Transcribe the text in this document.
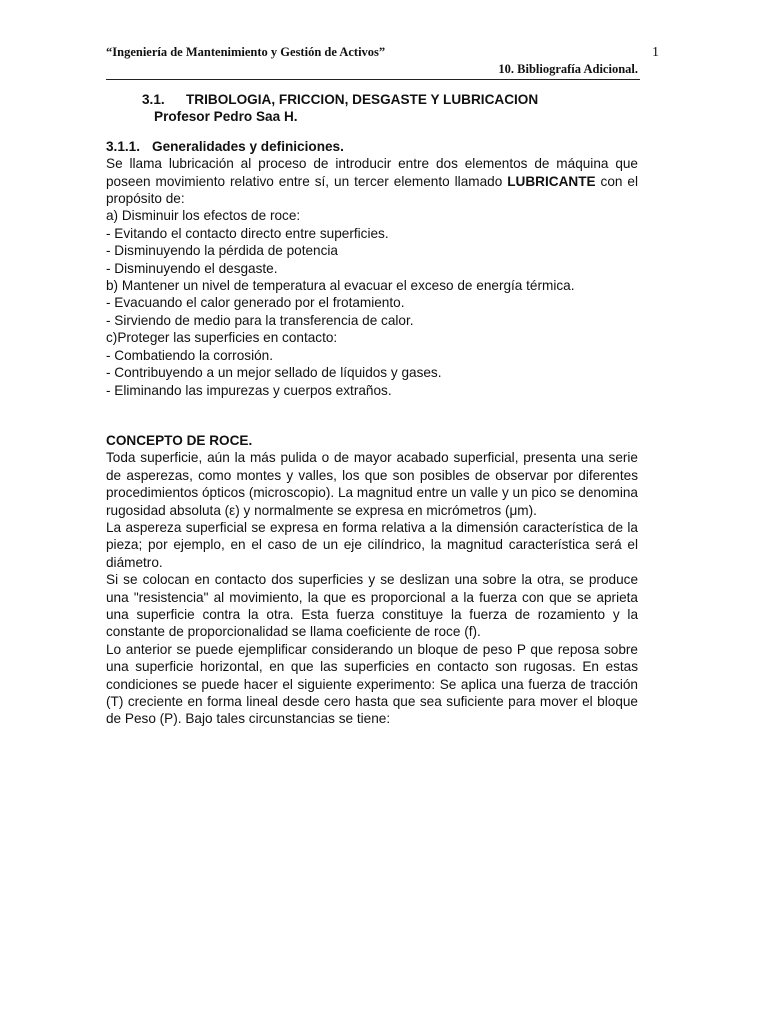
“Ingeniería de Mantenimiento y Gestión de Activos”	1
10. Bibliografía Adicional.
3.1. TRIBOLOGIA, FRICCION, DESGASTE Y LUBRICACION
Profesor Pedro Saa H.
3.1.1. Generalidades y definiciones.

Se llama lubricación al proceso de introducir entre dos elementos de máquina que poseen movimiento relativo entre sí, un tercer elemento llamado LUBRICANTE con el propósito de:

a) Disminuir los efectos de roce:
- Evitando el contacto directo entre superficies.
- Disminuyendo la pérdida de potencia
- Disminuyendo el desgaste.
b) Mantener un nivel de temperatura al evacuar el exceso de energía térmica.
- Evacuando el calor generado por el frotamiento.
- Sirviendo de medio para la transferencia de calor.
c)Proteger las superficies en contacto:
- Combatiendo la corrosión.
- Contribuyendo a un mejor sellado de líquidos y gases.
- Eliminando las impurezas y cuerpos extraños.
CONCEPTO DE ROCE.

Toda superficie, aún la más pulida o de mayor acabado superficial, presenta una serie de asperezas, como montes y valles, los que son posibles de observar por diferentes procedimientos ópticos (microscopio). La magnitud entre un valle y un pico se denomina rugosidad absoluta (ε) y normalmente se expresa en micrómetros (μm).

La aspereza superficial se expresa en forma relativa a la dimensión característica de la pieza; por ejemplo, en el caso de un eje cilíndrico, la magnitud característica será el diámetro.

Si se colocan en contacto dos superficies y se deslizan una sobre la otra, se produce una "resistencia" al movimiento, la que es proporcional a la fuerza con que se aprieta una superficie contra la otra. Esta fuerza constituye la fuerza de rozamiento y la constante de proporcionalidad se llama coeficiente de roce (f).

Lo anterior se puede ejemplificar considerando un bloque de peso P que reposa sobre una superficie horizontal, en que las superficies en contacto son rugosas. En estas condiciones se puede hacer el siguiente experimento: Se aplica una fuerza de tracción (T) creciente en forma lineal desde cero hasta que sea suficiente para mover el bloque de Peso (P). Bajo tales circunstancias se tiene:
